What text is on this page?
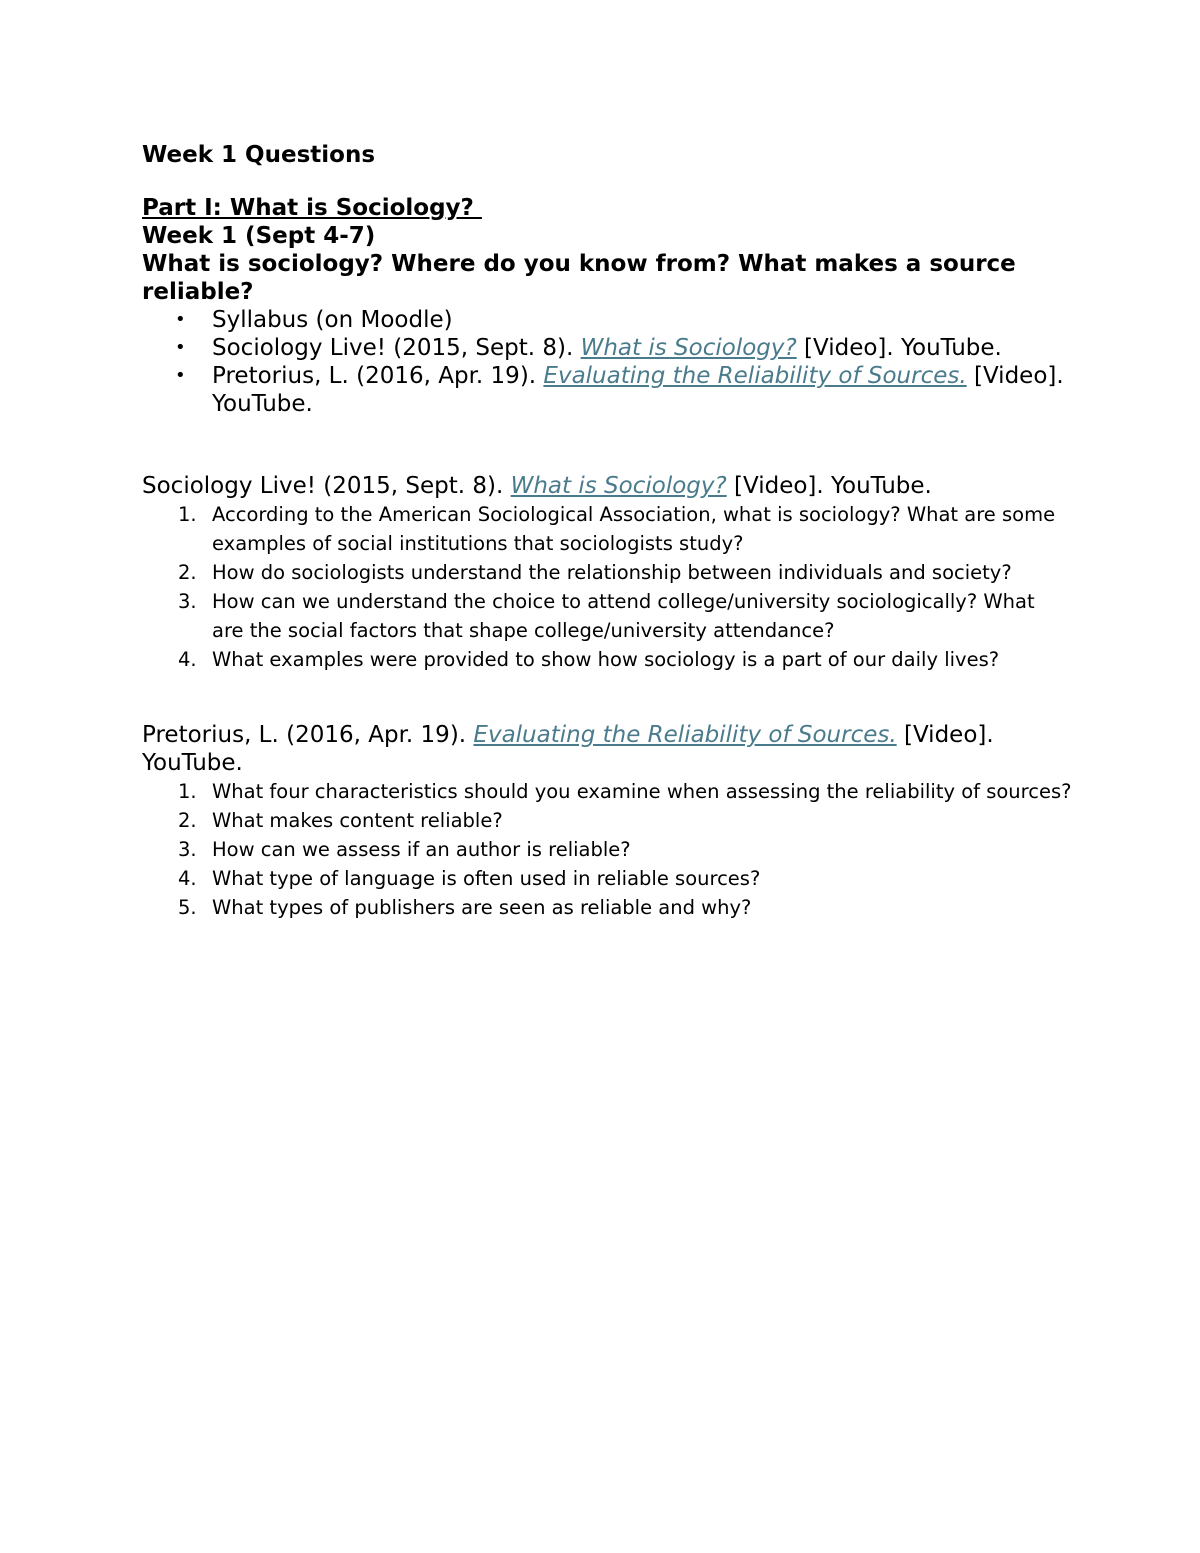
Week 1 Questions

Part I: What is Sociology?

Week 1 (Sept 4-7)

What is sociology? Where do you know from? What makes a source reliable?

• Syllabus (on Moodle)
• Sociology Live! (2015, Sept. 8). What is Sociology? [Video]. YouTube.
• Pretorius, L. (2016, Apr. 19). Evaluating the Reliability of Sources. [Video]. YouTube.

Sociology Live! (2015, Sept. 8). What is Sociology? [Video]. YouTube.

1. According to the American Sociological Association, what is sociology? What are some examples of social institutions that sociologists study?
2. How do sociologists understand the relationship between individuals and society?
3. How can we understand the choice to attend college/university sociologically? What are the social factors that shape college/university attendance?
4. What examples were provided to show how sociology is a part of our daily lives?

Pretorius, L. (2016, Apr. 19). Evaluating the Reliability of Sources. [Video]. YouTube.

1. What four characteristics should you examine when assessing the reliability of sources?
2. What makes content reliable?
3. How can we assess if an author is reliable?
4. What type of language is often used in reliable sources?
5. What types of publishers are seen as reliable and why?
